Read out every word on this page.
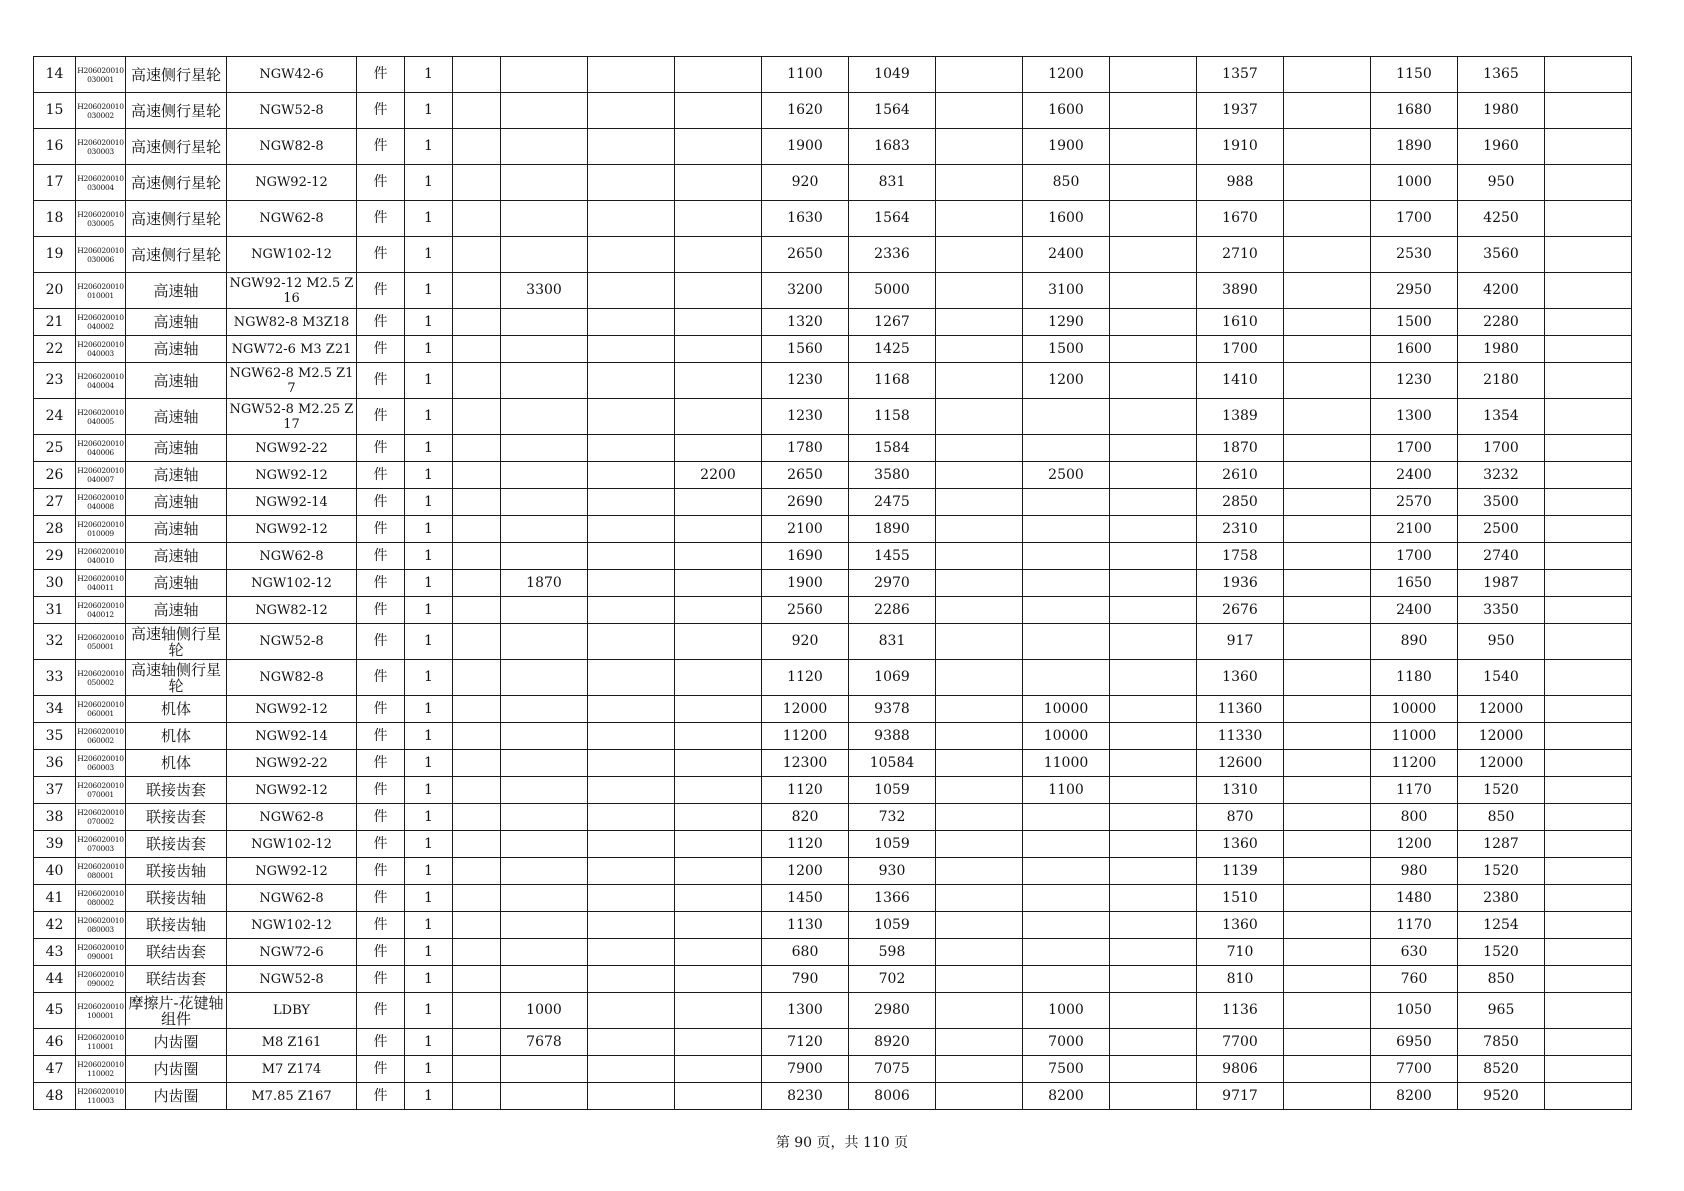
14	H206020010030001	高速侧行星轮	NGW42-6	件	1					1100	1049		1200		1357		1150	1365	
15	H206020010030002	高速侧行星轮	NGW52-8	件	1					1620	1564		1600		1937		1680	1980	
16	H206020010030003	高速侧行星轮	NGW82-8	件	1					1900	1683		1900		1910		1890	1960	
17	H206020010030004	高速侧行星轮	NGW92-12	件	1					920	831		850		988		1000	950	
18	H206020010030005	高速侧行星轮	NGW62-8	件	1					1630	1564		1600		1670		1700	4250	
19	H206020010030006	高速侧行星轮	NGW102-12	件	1					2650	2336		2400		2710		2530	3560	
20	H206020010010001	高速轴	NGW92-12 M2.5 Z16	件	1		3300			3200	5000		3100		3890		2950	4200	
21	H206020010040002	高速轴	NGW82-8 M3Z18	件	1					1320	1267		1290		1610		1500	2280	
22	H206020010040003	高速轴	NGW72-6 M3 Z21	件	1					1560	1425		1500		1700		1600	1980	
23	H206020010040004	高速轴	NGW62-8 M2.5 Z17	件	1					1230	1168		1200		1410		1230	2180	
24	H206020010040005	高速轴	NGW52-8 M2.25 Z17	件	1					1230	1158				1389		1300	1354	
25	H206020010040006	高速轴	NGW92-22	件	1					1780	1584				1870		1700	1700	
26	H206020010040007	高速轴	NGW92-12	件	1				2200	2650	3580		2500		2610		2400	3232	
27	H206020010040008	高速轴	NGW92-14	件	1					2690	2475				2850		2570	3500	
28	H206020010010009	高速轴	NGW92-12	件	1					2100	1890				2310		2100	2500	
29	H206020010040010	高速轴	NGW62-8	件	1					1690	1455				1758		1700	2740	
30	H206020010040011	高速轴	NGW102-12	件	1		1870			1900	2970				1936		1650	1987	
31	H206020010040012	高速轴	NGW82-12	件	1					2560	2286				2676		2400	3350	
32	H206020010050001	高速轴侧行星轮	NGW52-8	件	1					920	831				917		890	950	
33	H206020010050002	高速轴侧行星轮	NGW82-8	件	1					1120	1069				1360		1180	1540	
34	H206020010060001	机体	NGW92-12	件	1					12000	9378		10000		11360		10000	12000	
35	H206020010060002	机体	NGW92-14	件	1					11200	9388		10000		11330		11000	12000	
36	H206020010060003	机体	NGW92-22	件	1					12300	10584		11000		12600		11200	12000	
37	H206020010070001	联接齿套	NGW92-12	件	1					1120	1059		1100		1310		1170	1520	
38	H206020010070002	联接齿套	NGW62-8	件	1					820	732				870		800	850	
39	H206020010070003	联接齿套	NGW102-12	件	1					1120	1059				1360		1200	1287	
40	H206020010080001	联接齿轴	NGW92-12	件	1					1200	930				1139		980	1520	
41	H206020010080002	联接齿轴	NGW62-8	件	1					1450	1366				1510		1480	2380	
42	H206020010080003	联接齿轴	NGW102-12	件	1					1130	1059				1360		1170	1254	
43	H206020010090001	联结齿套	NGW72-6	件	1					680	598				710		630	1520	
44	H206020010090002	联结齿套	NGW52-8	件	1					790	702				810		760	850	
45	H206020010100001	摩擦片-花键轴组件	LDBY	件	1		1000			1300	2980		1000		1136		1050	965	
46	H206020010110001	内齿圈	M8 Z161	件	1		7678			7120	8920		7000		7700		6950	7850	
47	H206020010110002	内齿圈	M7 Z174	件	1					7900	7075		7500		9806		7700	8520	
48	H206020010110003	内齿圈	M7.85 Z167	件	1					8230	8006		8200		9717		8200	9520	
第 90 页，共 110 页
